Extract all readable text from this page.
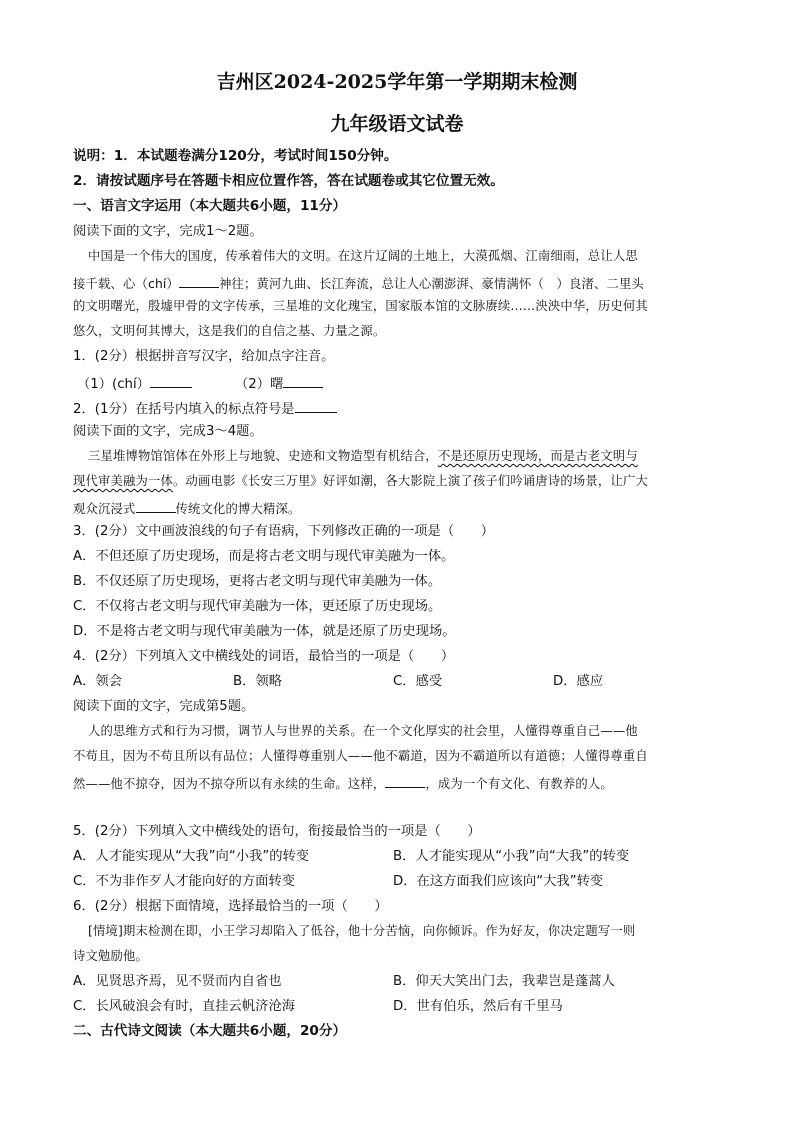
吉州区2024-2025学年第一学期期末检测
九年级语文试卷
说明：1．本试题卷满分120分，考试时间150分钟。
2．请按试题序号在答题卡相应位置作答，答在试题卷或其它位置无效。
一、语言文字运用（本大题共6小题，11分）
阅读下面的文字，完成1～2题。
中国是一个伟大的国度，传承着伟大的文明。在这片辽阔的土地上，大漠孤烟、江南细雨，总让人思
接千载、心（chí）	神往；黄河九曲、长江奔流，总让人心潮澎湃、豪情满怀（　）良渚、二里头
的文明曙光，殷墟甲骨的文字传承，三星堆的文化瑰宝，国家版本馆的文脉赓续……泱泱中华，历史何其
悠久，文明何其博大，这是我们的自信之基、力量之源。
1．(2分）根据拼音写汉字，给加点字注音。
（1）(chí）	（2）曙
2．(1分）在括号内填入的标点符号是
阅读下面的文字，完成3～4题。
三星堆博物馆馆体在外形上与地貌、史迹和文物造型有机结合，不是还原历史现场，而是古老文明与
现代审美融为一体。动画电影《长安三万里》好评如潮，各大影院上演了孩子们吟诵唐诗的场景，让广大
观众沉浸式	传统文化的博大精深。
3．(2分）文中画波浪线的句子有语病，下列修改正确的一项是（　　）
A．不但还原了历史现场，而是将古老文明与现代审美融为一体。
B．不仅还原了历史现场，更将古老文明与现代审美融为一体。
C．不仅将古老文明与现代审美融为一体，更还原了历史现场。
D．不是将古老文明与现代审美融为一体，就是还原了历史现场。
4．(2分）下列填入文中横线处的词语，最恰当的一项是（　　）
A．领会	B．领略	C．感受	D．感应
阅读下面的文字，完成第5题。
人的思维方式和行为习惯，调节人与世界的关系。在一个文化厚实的社会里，人懂得尊重自己——他
不苟且，因为不苟且所以有品位；人懂得尊重别人——他不霸道，因为不霸道所以有道德；人懂得尊重自
然——他不掠夺，因为不掠夺所以有永续的生命。这样，	，成为一个有文化、有教养的人。
5．(2分）下列填入文中横线处的语句，衔接最恰当的一项是（　　）
A．人才能实现从“大我”向“小我”的转变	B．人才能实现从“小我”向“大我”的转变
C．不为非作歹人才能向好的方面转变	D．在这方面我们应该向“大我”转变
6．(2分）根据下面情境，选择最恰当的一项（　　）
[情境]期末检测在即，小王学习却陷入了低谷，他十分苦恼，向你倾诉。作为好友，你决定题写一则
诗文勉励他。
A．见贤思齐焉，见不贤而内自省也	B．仰天大笑出门去，我辈岂是蓬蒿人
C．长风破浪会有时，直挂云帆济沧海	D．世有伯乐，然后有千里马
二、古代诗文阅读（本大题共6小题，20分）
